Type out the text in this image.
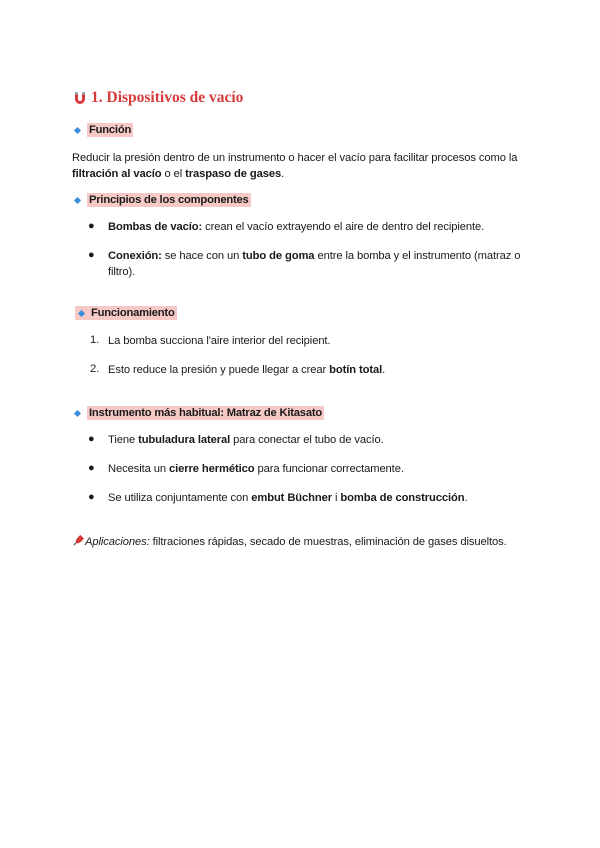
1. Dispositivos de vacío
Función
Reducir la presión dentro de un instrumento o hacer el vacío para facilitar procesos como la
filtración al vacío o el traspaso de gases.
Principios de los componentes
● Bombas de vacío: crean el vacío extrayendo el aire de dentro del recipiente.
● Conexión: se hace con un tubo de goma entre la bomba y el instrumento (matraz o
filtro).
Funcionamiento
1. La bomba succiona l'aire interior del recipient.
2. Esto reduce la presión y puede llegar a crear botín total.
Instrumento más habitual: Matraz de Kitasato
● Tiene tubuladura lateral para conectar el tubo de vacío.
● Necesita un cierre hermético para funcionar correctamente.
● Se utiliza conjuntamente con embut Büchner i bomba de construcción.
Aplicaciones: filtraciones rápidas, secado de muestras, eliminación de gases disueltos.
